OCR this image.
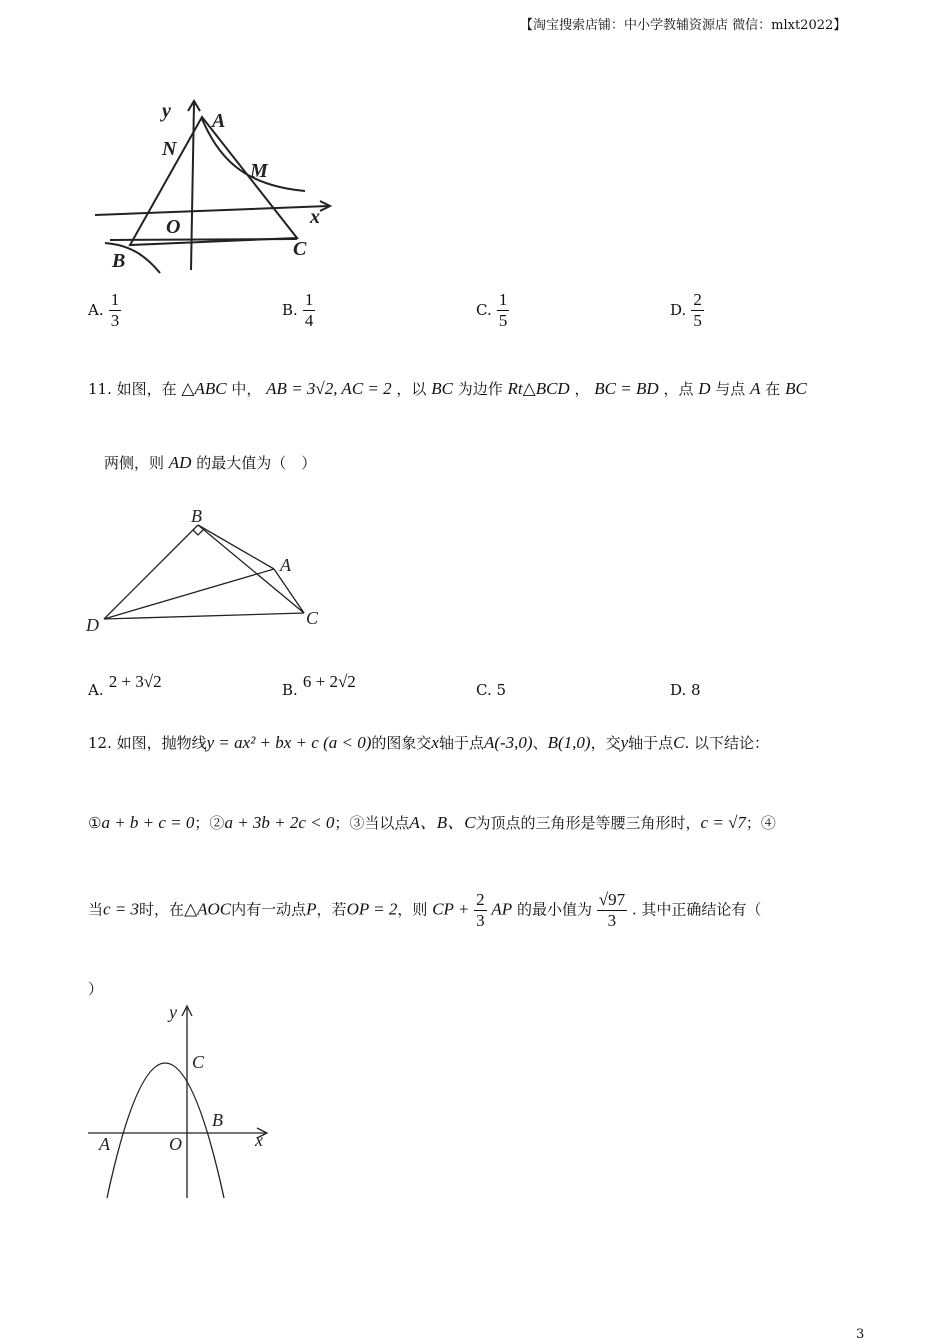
【淘宝搜索店铺：中小学教辅资源店 微信：mlxt2022】
y
x
A
N
M
O
B
C
A. $\frac{1}{3}$	B. $\frac{1}{4}$	C. $\frac{1}{5}$	D. $\frac{2}{5}$
11. 如图，在 △ABC 中， AB = 3√2, AC = 2 ，以 BC 为边作 Rt△BCD ， BC = BD ，点 D 与点 A 在 BC
两侧，则 AD 的最大值为（　）
B
A
D	C
A. 2 + 3√2	B. 6 + 2√2	C. 5	D. 8
12. 如图，抛物线y = ax² + bx + c (a < 0)的图象交x轴于点A(-3,0)、B(1,0)，交y轴于点C. 以下结论：
①a + b + c = 0；②a + 3b + 2c < 0；③当以点A、B、C为顶点的三角形是等腰三角形时，c = √7；④
当c = 3时，在△AOC内有一动点P，若OP = 2，则 CP + $\frac{2}{3}$ AP 的最小值为 $\frac{√97}{3}$ . 其中正确结论有（
）
y
x
C
B
A	O
3
